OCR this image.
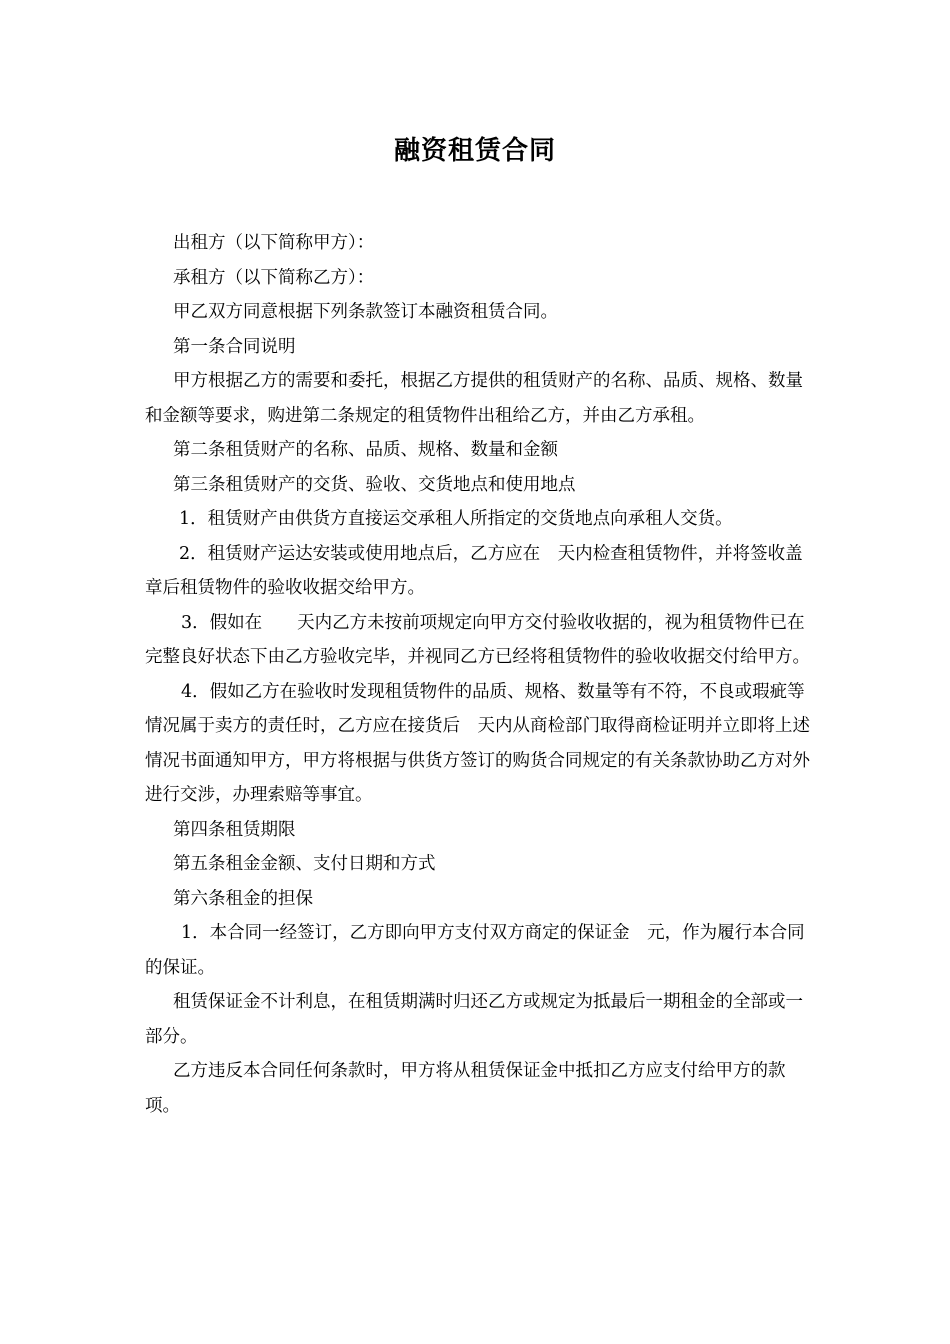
融资租赁合同

出租方（以下简称甲方）：

承租方（以下简称乙方）：

甲乙双方同意根据下列条款签订本融资租赁合同。

第一条合同说明

甲方根据乙方的需要和委托，根据乙方提供的租赁财产的名称、品质、规格、数量和金额等要求，购进第二条规定的租赁物件出租给乙方，并由乙方承租。

第二条租赁财产的名称、品质、规格、数量和金额

第三条租赁财产的交货、验收、交货地点和使用地点

1．租赁财产由供货方直接运交承租人所指定的交货地点向承租人交货。

2．租赁财产运达安装或使用地点后，乙方应在　天内检查租赁物件，并将签收盖章后租赁物件的验收收据交给甲方。

3．假如在　　天内乙方未按前项规定向甲方交付验收收据的，视为租赁物件已在完整良好状态下由乙方验收完毕，并视同乙方已经将租赁物件的验收收据交付给甲方。

4．假如乙方在验收时发现租赁物件的品质、规格、数量等有不符，不良或瑕疵等情况属于卖方的责任时，乙方应在接货后　天内从商检部门取得商检证明并立即将上述情况书面通知甲方，甲方将根据与供货方签订的购货合同规定的有关条款协助乙方对外进行交涉，办理索赔等事宜。

第四条租赁期限

第五条租金金额、支付日期和方式

第六条租金的担保

1．本合同一经签订，乙方即向甲方支付双方商定的保证金　元，作为履行本合同的保证。

租赁保证金不计利息，在租赁期满时归还乙方或规定为抵最后一期租金的全部或一部分。

乙方违反本合同任何条款时，甲方将从租赁保证金中抵扣乙方应支付给甲方的款项。
